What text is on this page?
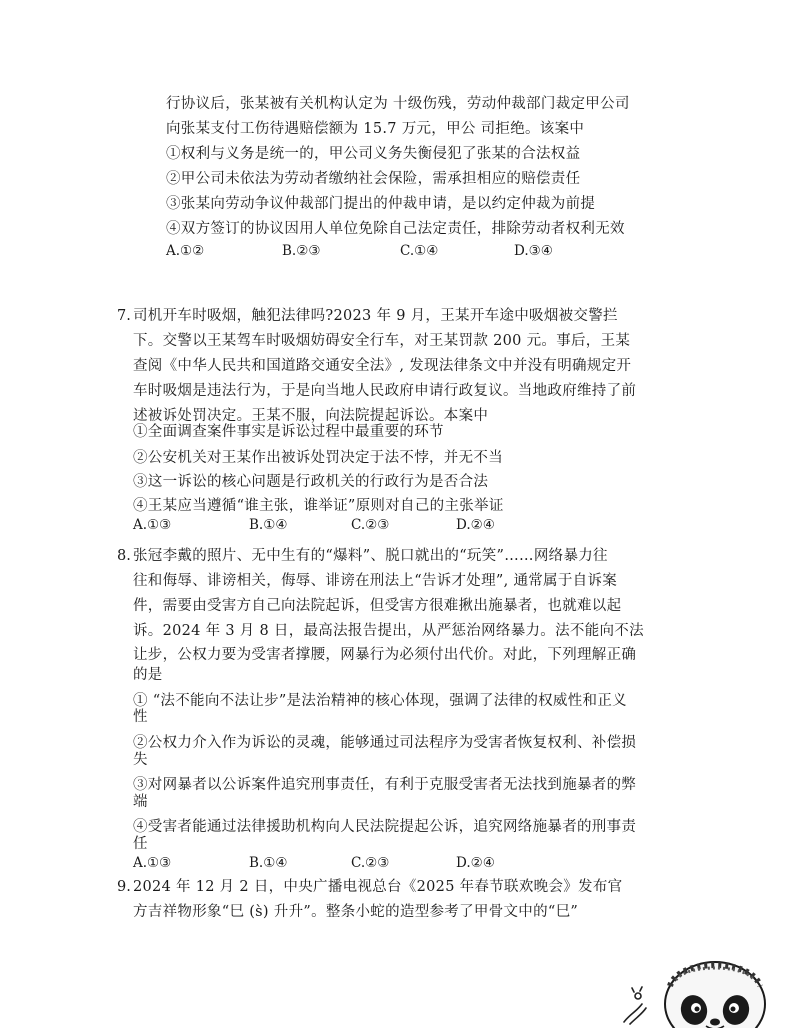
行协议后，张某被有关机构认定为 十级伤残，劳动仲裁部门裁定甲公司
向张某支付工伤待遇赔偿额为 15.7 万元，甲公 司拒绝。该案中
①权利与义务是统一的，甲公司义务失衡侵犯了张某的合法权益
②甲公司未依法为劳动者缴纳社会保险，需承担相应的赔偿责任
③张某向劳动争议仲裁部门提出的仲裁申请，是以约定仲裁为前提
④双方签订的协议因用人单位免除自己法定责任，排除劳动者权利无效
A.①②	B.②③	C.①④	D.③④
7. 司机开车时吸烟，触犯法律吗?2023 年 9 月，王某开车途中吸烟被交警拦
下。交警以王某驾车时吸烟妨碍安全行车，对王某罚款 200 元。事后，王某
查阅《中华人民共和国道路交通安全法》, 发现法律条文中并没有明确规定开
车时吸烟是违法行为，于是向当地人民政府申请行政复议。当地政府维持了前
述被诉处罚决定。王某不服，向法院提起诉讼。本案中
①全面调查案件事实是诉讼过程中最重要的环节
②公安机关对王某作出被诉处罚决定于法不悖，并无不当
③这一诉讼的核心问题是行政机关的行政行为是否合法
④王某应当遵循“谁主张，谁举证”原则对自己的主张举证
A.①③	B.①④	C.②③	D.②④
8. 张冠李戴的照片、无中生有的“爆料”、脱口就出的“玩笑”……网络暴力往
往和侮辱、诽谤相关，侮辱、诽谤在刑法上“告诉才处理”, 通常属于自诉案
件，需要由受害方自己向法院起诉，但受害方很难揪出施暴者，也就难以起
诉。2024 年 3 月 8 日，最高法报告提出，从严惩治网络暴力。法不能向不法
让步，公权力要为受害者撑腰，网暴行为必须付出代价。对此，下列理解正确
的是
① “法不能向不法让步”是法治精神的核心体现，强调了法律的权威性和正义
性
②公权力介入作为诉讼的灵魂，能够通过司法程序为受害者恢复权利、补偿损
失
③对网暴者以公诉案件追究刑事责任，有利于克服受害者无法找到施暴者的弊
端
④受害者能通过法律援助机构向人民法院提起公诉，追究网络施暴者的刑事责
任
A.①③	B.①④	C.②③	D.②④
9. 2024 年 12 月 2 日，中央广播电视总台《2025 年春节联欢晚会》发布官
方吉祥物形象“巳 (s̀) 升升”。整条小蛇的造型参考了甲骨文中的“巳”
